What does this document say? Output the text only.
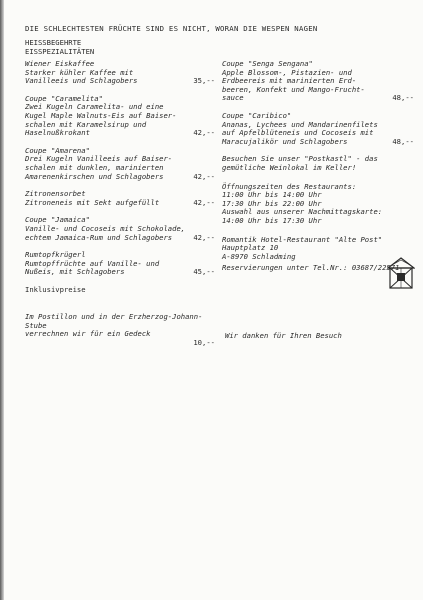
DIE SCHLECHTESTEN FRÜCHTE SIND ES NICHT, WORAN DIE WESPEN NAGEN
HEISSBEGEHRTE
EISSPEZIALITÄTEN
Wiener Eiskaffee
Starker kühler Kaffee mit
Vanilleeis und Schlagobers	35,--
Coupe "Caramelita"
Zwei Kugeln Caramelita- und eine
Kugel Maple Walnuts-Eis auf Baiser-
schalen mit Karamelsirup und
Haselnußkrokant	42,--
Coupe "Amarena"
Drei Kugeln Vanilleeis auf Baiser-
schalen mit dunklen, marinierten
Amarenenkirschen und Schlagobers	42,--
Zitronensorbet
Zitroneneis mit Sekt aufgefüllt	42,--
Coupe "Jamaica"
Vanille- und Cocoseis mit Schokolade,
echtem Jamaica-Rum und Schlagobers	42,--
Rumtopfkrügerl
Rumtopffrüchte auf Vanille- und
Nußeis, mit Schlagobers	45,--
Inklusivpreise

Im Postillon und in der Erzherzog-Johann-Stube
verrechnen wir für ein Gedeck

10,--

Coupe "Senga Sengana"
Apple Blossom-, Pistazien- und
Erdbeereis mit marinierten Erd-
beeren, Konfekt und Mango-Frucht-
sauce	48,--
Coupe "Caribico"
Ananas, Lychees und Mandarinenfilets
auf Apfelblüteneis und Cocoseis mit
Maracujalikör und Schlagobers	48,--
Besuchen Sie unser "Postkastl" - das
gemütliche Weinlokal im Keller!
Öffnungszeiten des Restaurants:
11:00 Uhr bis 14:00 Uhr
17:30 Uhr bis 22:00 Uhr
Auswahl aus unserer Nachmittagskarte:
14:00 Uhr bis 17:30 Uhr
Romantik Hotel-Restaurant "Alte Post"
Hauptplatz 10
A-8970 Schladming
Reservierungen unter Tel.Nr.: 03687/22571
Wir danken für Ihren Besuch
